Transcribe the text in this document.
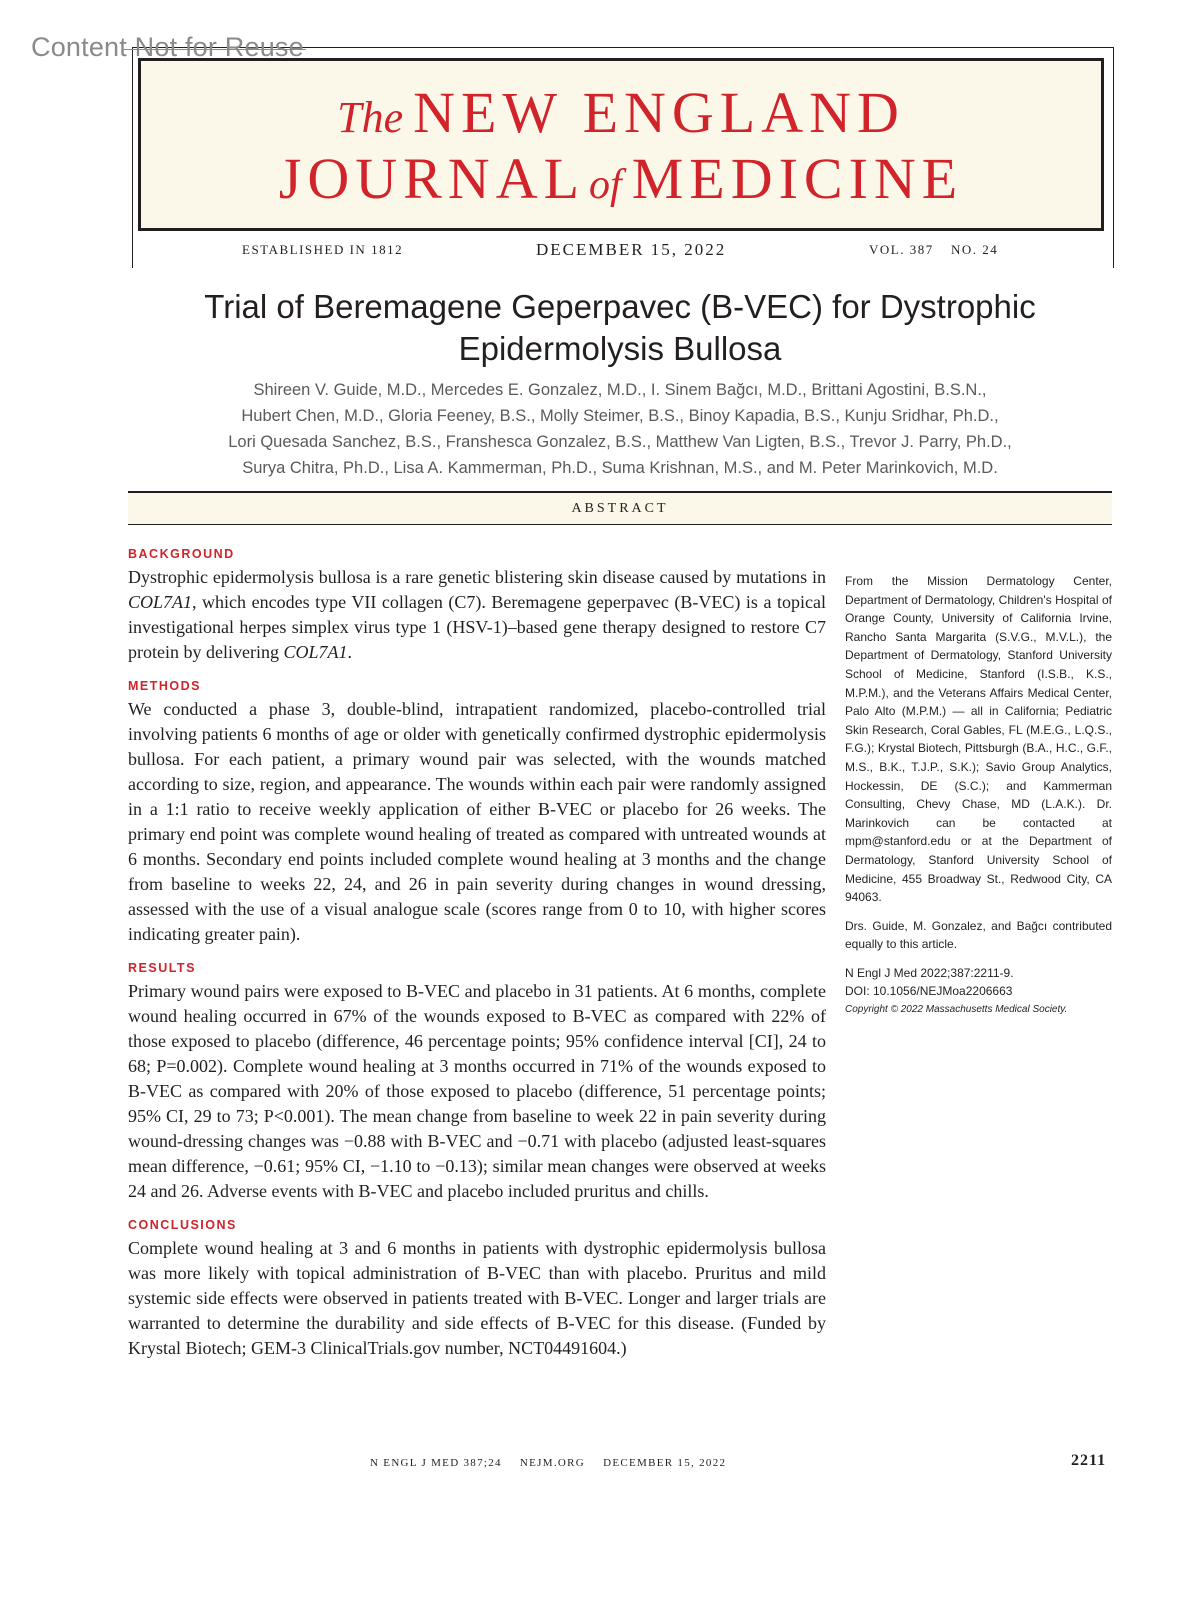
Content Not for Reuse
The NEW ENGLAND
JOURNALof MEDICINE
ESTABLISHED IN 1812	DECEMBER 15, 2022	VOL. 387 NO. 24
Trial of Beremagene Geperpavec (B-VEC) for Dystrophic Epidermolysis Bullosa
Shireen V. Guide, M.D., Mercedes E. Gonzalez, M.D., I. Sinem Bağcı, M.D., Brittani Agostini, B.S.N.,
Hubert Chen, M.D., Gloria Feeney, B.S., Molly Steimer, B.S., Binoy Kapadia, B.S., Kunju Sridhar, Ph.D.,
Lori Quesada Sanchez, B.S., Franshesca Gonzalez, B.S., Matthew Van Ligten, B.S., Trevor J. Parry, Ph.D.,
Surya Chitra, Ph.D., Lisa A. Kammerman, Ph.D., Suma Krishnan, M.S., and M. Peter Marinkovich, M.D.
ABSTRACT
BACKGROUND

Dystrophic epidermolysis bullosa is a rare genetic blistering skin disease caused by mutations in COL7A1, which encodes type VII collagen (C7). Beremagene geperpavec (B-VEC) is a topical investigational herpes simplex virus type 1 (HSV-1)–based gene therapy designed to restore C7 protein by delivering COL7A1.

METHODS

We conducted a phase 3, double-blind, intrapatient randomized, placebo-controlled trial involving patients 6 months of age or older with genetically confirmed dystrophic epidermolysis bullosa. For each patient, a primary wound pair was selected, with the wounds matched according to size, region, and appearance. The wounds within each pair were randomly assigned in a 1:1 ratio to receive weekly application of either B-VEC or placebo for 26 weeks. The primary end point was complete wound healing of treated as compared with untreated wounds at 6 months. Secondary end points included complete wound healing at 3 months and the change from baseline to weeks 22, 24, and 26 in pain severity during changes in wound dressing, assessed with the use of a visual analogue scale (scores range from 0 to 10, with higher scores indicating greater pain).

RESULTS

Primary wound pairs were exposed to B-VEC and placebo in 31 patients. At 6 months, complete wound healing occurred in 67% of the wounds exposed to B-VEC as compared with 22% of those exposed to placebo (difference, 46 percentage points; 95% confidence interval [CI], 24 to 68; P=0.002). Complete wound healing at 3 months occurred in 71% of the wounds exposed to B-VEC as compared with 20% of those exposed to placebo (difference, 51 percentage points; 95% CI, 29 to 73; P<0.001). The mean change from baseline to week 22 in pain severity during wound-dressing changes was −0.88 with B-VEC and −0.71 with placebo (adjusted least-squares mean difference, −0.61; 95% CI, −1.10 to −0.13); similar mean changes were observed at weeks 24 and 26. Adverse events with B-VEC and placebo included pruritus and chills.

CONCLUSIONS

Complete wound healing at 3 and 6 months in patients with dystrophic epidermolysis bullosa was more likely with topical administration of B-VEC than with placebo. Pruritus and mild systemic side effects were observed in patients treated with B-VEC. Longer and larger trials are warranted to determine the durability and side effects of B-VEC for this disease. (Funded by Krystal Biotech; GEM-3 ClinicalTrials.gov number, NCT04491604.)

From the Mission Dermatology Center, Department of Dermatology, Children's Hospital of Orange County, University of California Irvine, Rancho Santa Margarita (S.V.G., M.V.L.), the Department of Dermatology, Stanford University School of Medicine, Stanford (I.S.B., K.S., M.P.M.), and the Veterans Affairs Medical Center, Palo Alto (M.P.M.) — all in California; Pediatric Skin Research, Coral Gables, FL (M.E.G., L.Q.S., F.G.); Krystal Biotech, Pittsburgh (B.A., H.C., G.F., M.S., B.K., T.J.P., S.K.); Savio Group Analytics, Hockessin, DE (S.C.); and Kammerman Consulting, Chevy Chase, MD (L.A.K.). Dr. Marinkovich can be contacted at mpm@stanford.edu or at the Department of Dermatology, Stanford University School of Medicine, 455 Broadway St., Redwood City, CA 94063.

Drs. Guide, M. Gonzalez, and Bağcı contributed equally to this article.

N Engl J Med 2022;387:2211-9.

DOI: 10.1056/NEJMoa2206663

Copyright © 2022 Massachusetts Medical Society.

N ENGL J MED 387;24 NEJM.ORG DECEMBER 15, 2022	2211
